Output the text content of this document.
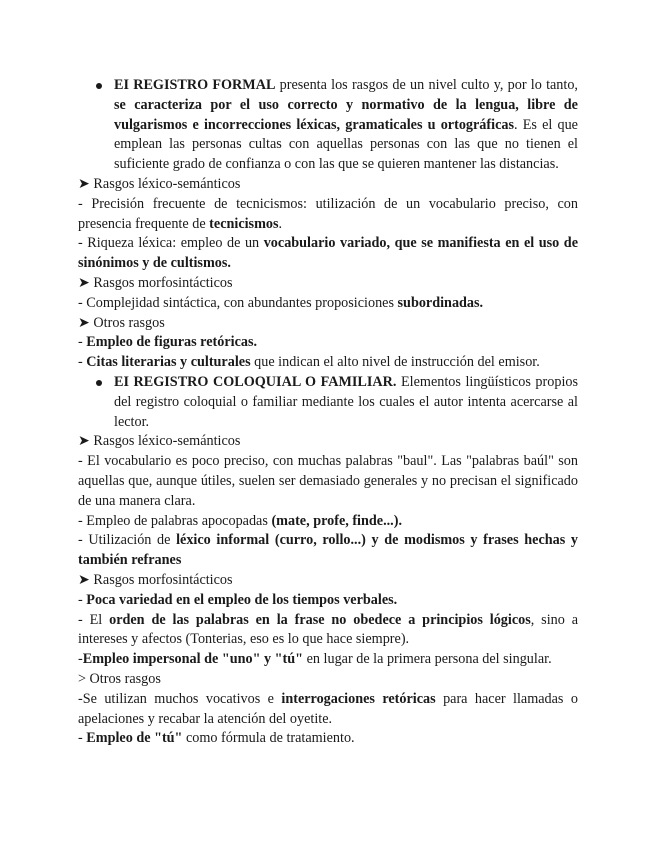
EI REGISTRO FORMAL presenta los rasgos de un nivel culto y, por lo tanto, se caracteriza por el uso correcto y normativo de la lengua, libre de vulgarismos e incorrecciones léxicas, gramaticales u ortográficas. Es el que emplean las personas cultas con aquellas personas con las que no tienen el suficiente grado de confianza o con las que se quieren mantener las distancias.

➤ Rasgos léxico-semánticos

- Precisión frecuente de tecnicismos: utilización de un vocabulario preciso, con presencia frequente de tecnicismos.

- Riqueza léxica: empleo de un vocabulario variado, que se manifiesta en el uso de sinónimos y de cultismos.

➤ Rasgos morfosintácticos

- Complejidad sintáctica, con abundantes proposiciones subordinadas.

➤ Otros rasgos

- Empleo de figuras retóricas.

- Citas literarias y culturales que indican el alto nivel de instrucción del emisor.

EI REGISTRO COLOQUIAL O FAMILIAR. Elementos lingüísticos propios del registro coloquial o familiar mediante los cuales el autor intenta acercarse al lector.

➤ Rasgos léxico-semánticos

- El vocabulario es poco preciso, con muchas palabras "baul". Las "palabras baúl" son aquellas que, aunque útiles, suelen ser demasiado generales y no precisan el significado de una manera clara.

- Empleo de palabras apocopadas (mate, profe, finde...).

- Utilización de léxico informal (curro, rollo...) y de modismos y frases hechas y también refranes

➤ Rasgos morfosintácticos

- Poca variedad en el empleo de los tiempos verbales.

- El orden de las palabras en la frase no obedece a principios lógicos, sino a intereses y afectos (Tonterias, eso es lo que hace siempre).

-Empleo impersonal de "uno" y "tú" en lugar de la primera persona del singular.

> Otros rasgos

-Se utilizan muchos vocativos e interrogaciones retóricas para hacer llamadas o apelaciones y recabar la atención del oyetite.

- Empleo de "tú" como fórmula de tratamiento.
